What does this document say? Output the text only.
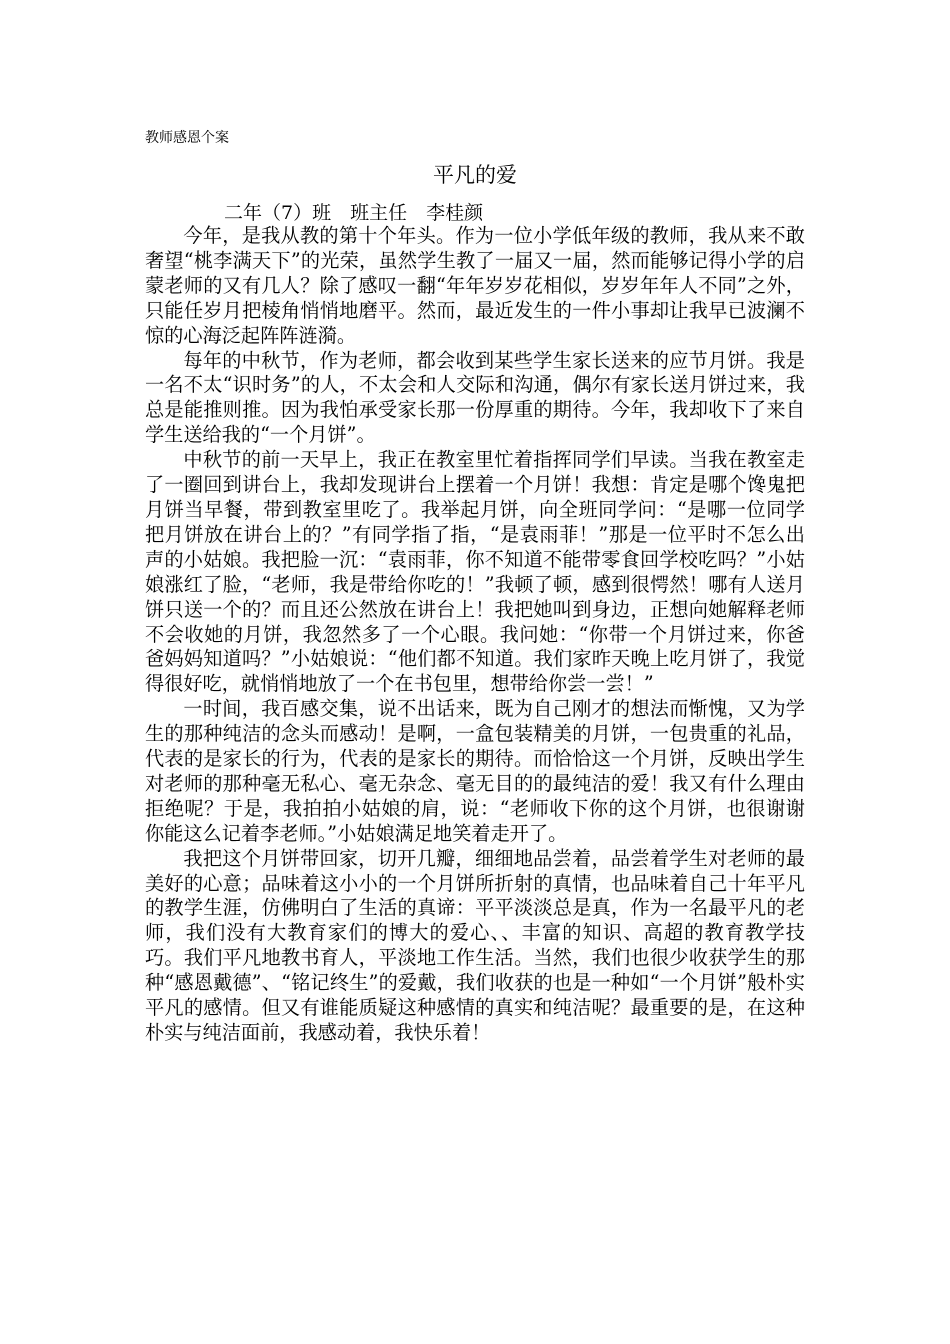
教师感恩个案
平凡的爱
二年（7）班　班主任　李桂颜

今年，是我从教的第十个年头。作为一位小学低年级的教师，我从来不敢奢望“桃李满天下”的光荣，虽然学生教了一届又一届，然而能够记得小学的启蒙老师的又有几人？除了感叹一翻“年年岁岁花相似，岁岁年年人不同”之外，只能任岁月把棱角悄悄地磨平。然而，最近发生的一件小事却让我早已波澜不惊的心海泛起阵阵涟漪。

每年的中秋节，作为老师，都会收到某些学生家长送来的应节月饼。我是一名不太“识时务”的人，不太会和人交际和沟通，偶尔有家长送月饼过来，我总是能推则推。因为我怕承受家长那一份厚重的期待。今年，我却收下了来自学生送给我的“一个月饼”。

中秋节的前一天早上，我正在教室里忙着指挥同学们早读。当我在教室走了一圈回到讲台上，我却发现讲台上摆着一个月饼！我想：肯定是哪个馋鬼把月饼当早餐，带到教室里吃了。我举起月饼，向全班同学问：“是哪一位同学把月饼放在讲台上的？”有同学指了指，“是袁雨菲！”那是一位平时不怎么出声的小姑娘。我把脸一沉：“袁雨菲，你不知道不能带零食回学校吃吗？”小姑娘涨红了脸，“老师，我是带给你吃的！”我顿了顿，感到很愕然！哪有人送月饼只送一个的？而且还公然放在讲台上！我把她叫到身边，正想向她解释老师不会收她的月饼，我忽然多了一个心眼。我问她：“你带一个月饼过来，你爸爸妈妈知道吗？”小姑娘说：“他们都不知道。我们家昨天晚上吃月饼了，我觉得很好吃，就悄悄地放了一个在书包里，想带给你尝一尝！”

一时间，我百感交集，说不出话来，既为自己刚才的想法而惭愧，又为学生的那种纯洁的念头而感动！是啊，一盒包装精美的月饼，一包贵重的礼品，代表的是家长的行为，代表的是家长的期待。而恰恰这一个月饼，反映出学生对老师的那种毫无私心、毫无杂念、毫无目的的最纯洁的爱！我又有什么理由拒绝呢？于是，我拍拍小姑娘的肩，说：“老师收下你的这个月饼，也很谢谢你能这么记着李老师。”小姑娘满足地笑着走开了。

我把这个月饼带回家，切开几瓣，细细地品尝着，品尝着学生对老师的最美好的心意；品味着这小小的一个月饼所折射的真情，也品味着自己十年平凡的教学生涯，仿佛明白了生活的真谛：平平淡淡总是真，作为一名最平凡的老师，我们没有大教育家们的博大的爱心、、丰富的知识、高超的教育教学技巧。我们平凡地教书育人，平淡地工作生活。当然，我们也很少收获学生的那种“感恩戴德”、“铭记终生”的爱戴，我们收获的也是一种如“一个月饼”般朴实平凡的感情。但又有谁能质疑这种感情的真实和纯洁呢？最重要的是，在这种朴实与纯洁面前，我感动着，我快乐着！
